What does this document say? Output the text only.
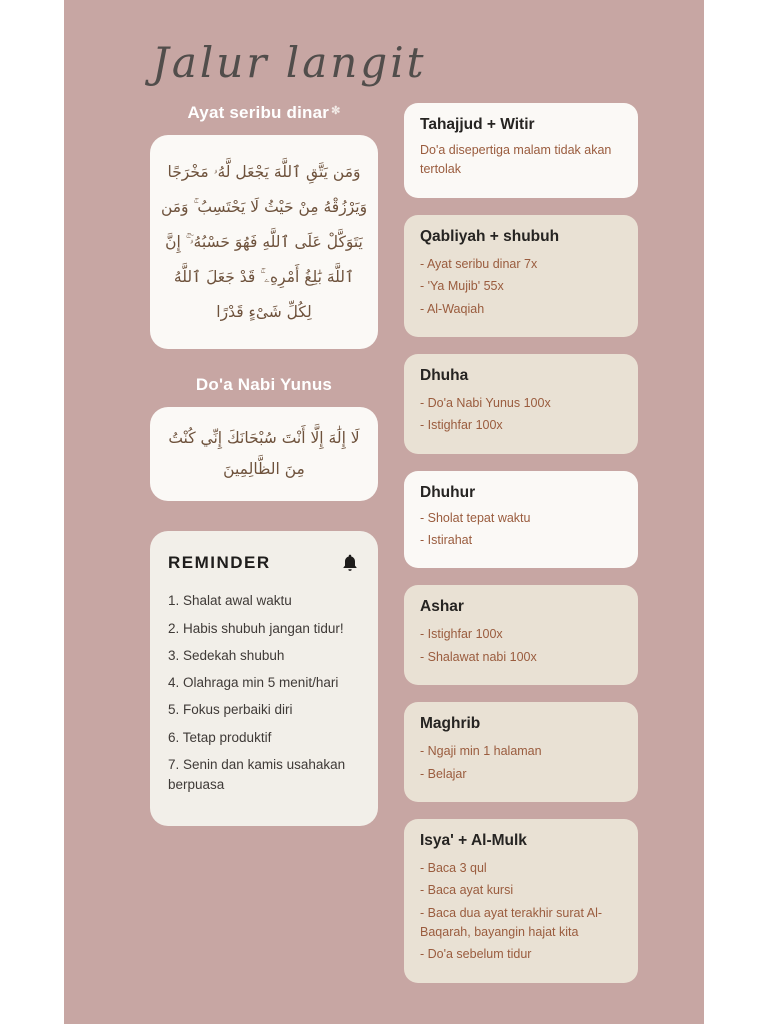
Jalur langit
Ayat seribu dinar ✼
وَمَن يَتَّقِ ٱللَّهَ يَجْعَل لَّهُۥ مَخْرَجًا وَيَرْزُقْهُ مِنْ حَيْثُ لَا يَحْتَسِبُ ۚ وَمَن يَتَوَكَّلْ عَلَى ٱللَّهِ فَهُوَ حَسْبُهُۥٓ ۚ إِنَّ ٱللَّهَ بَٰلِغُ أَمْرِهِۦ ۚ قَدْ جَعَلَ ٱللَّهُ لِكُلِّ شَىْءٍ قَدْرًا
Do'a Nabi Yunus
لَا إِلَٰهَ إِلَّا أَنْتَ سُبْحَانَكَ إِنِّي كُنْتُ مِنَ الظَّالِمِينَ
REMINDER
1. Shalat awal waktu
2. Habis shubuh jangan tidur!
3. Sedekah shubuh
4. Olahraga min 5 menit/hari
5. Fokus perbaiki diri
6. Tetap produktif
7. Senin dan kamis usahakan berpuasa
Tahajjud + Witir
Do'a disepertiga malam tidak akan tertolak
Qabliyah + shubuh
- Ayat seribu dinar 7x
- 'Ya Mujib' 55x
- Al-Waqiah
Dhuha
- Do'a Nabi Yunus 100x
- Istighfar 100x
Dhuhur
- Sholat tepat waktu
- Istirahat
Ashar
- Istighfar 100x
- Shalawat nabi 100x
Maghrib
- Ngaji min 1 halaman
- Belajar
Isya' + Al-Mulk
- Baca 3 qul
- Baca ayat kursi
- Baca dua ayat terakhir surat Al-Baqarah, bayangin hajat kita
- Do'a sebelum tidur
